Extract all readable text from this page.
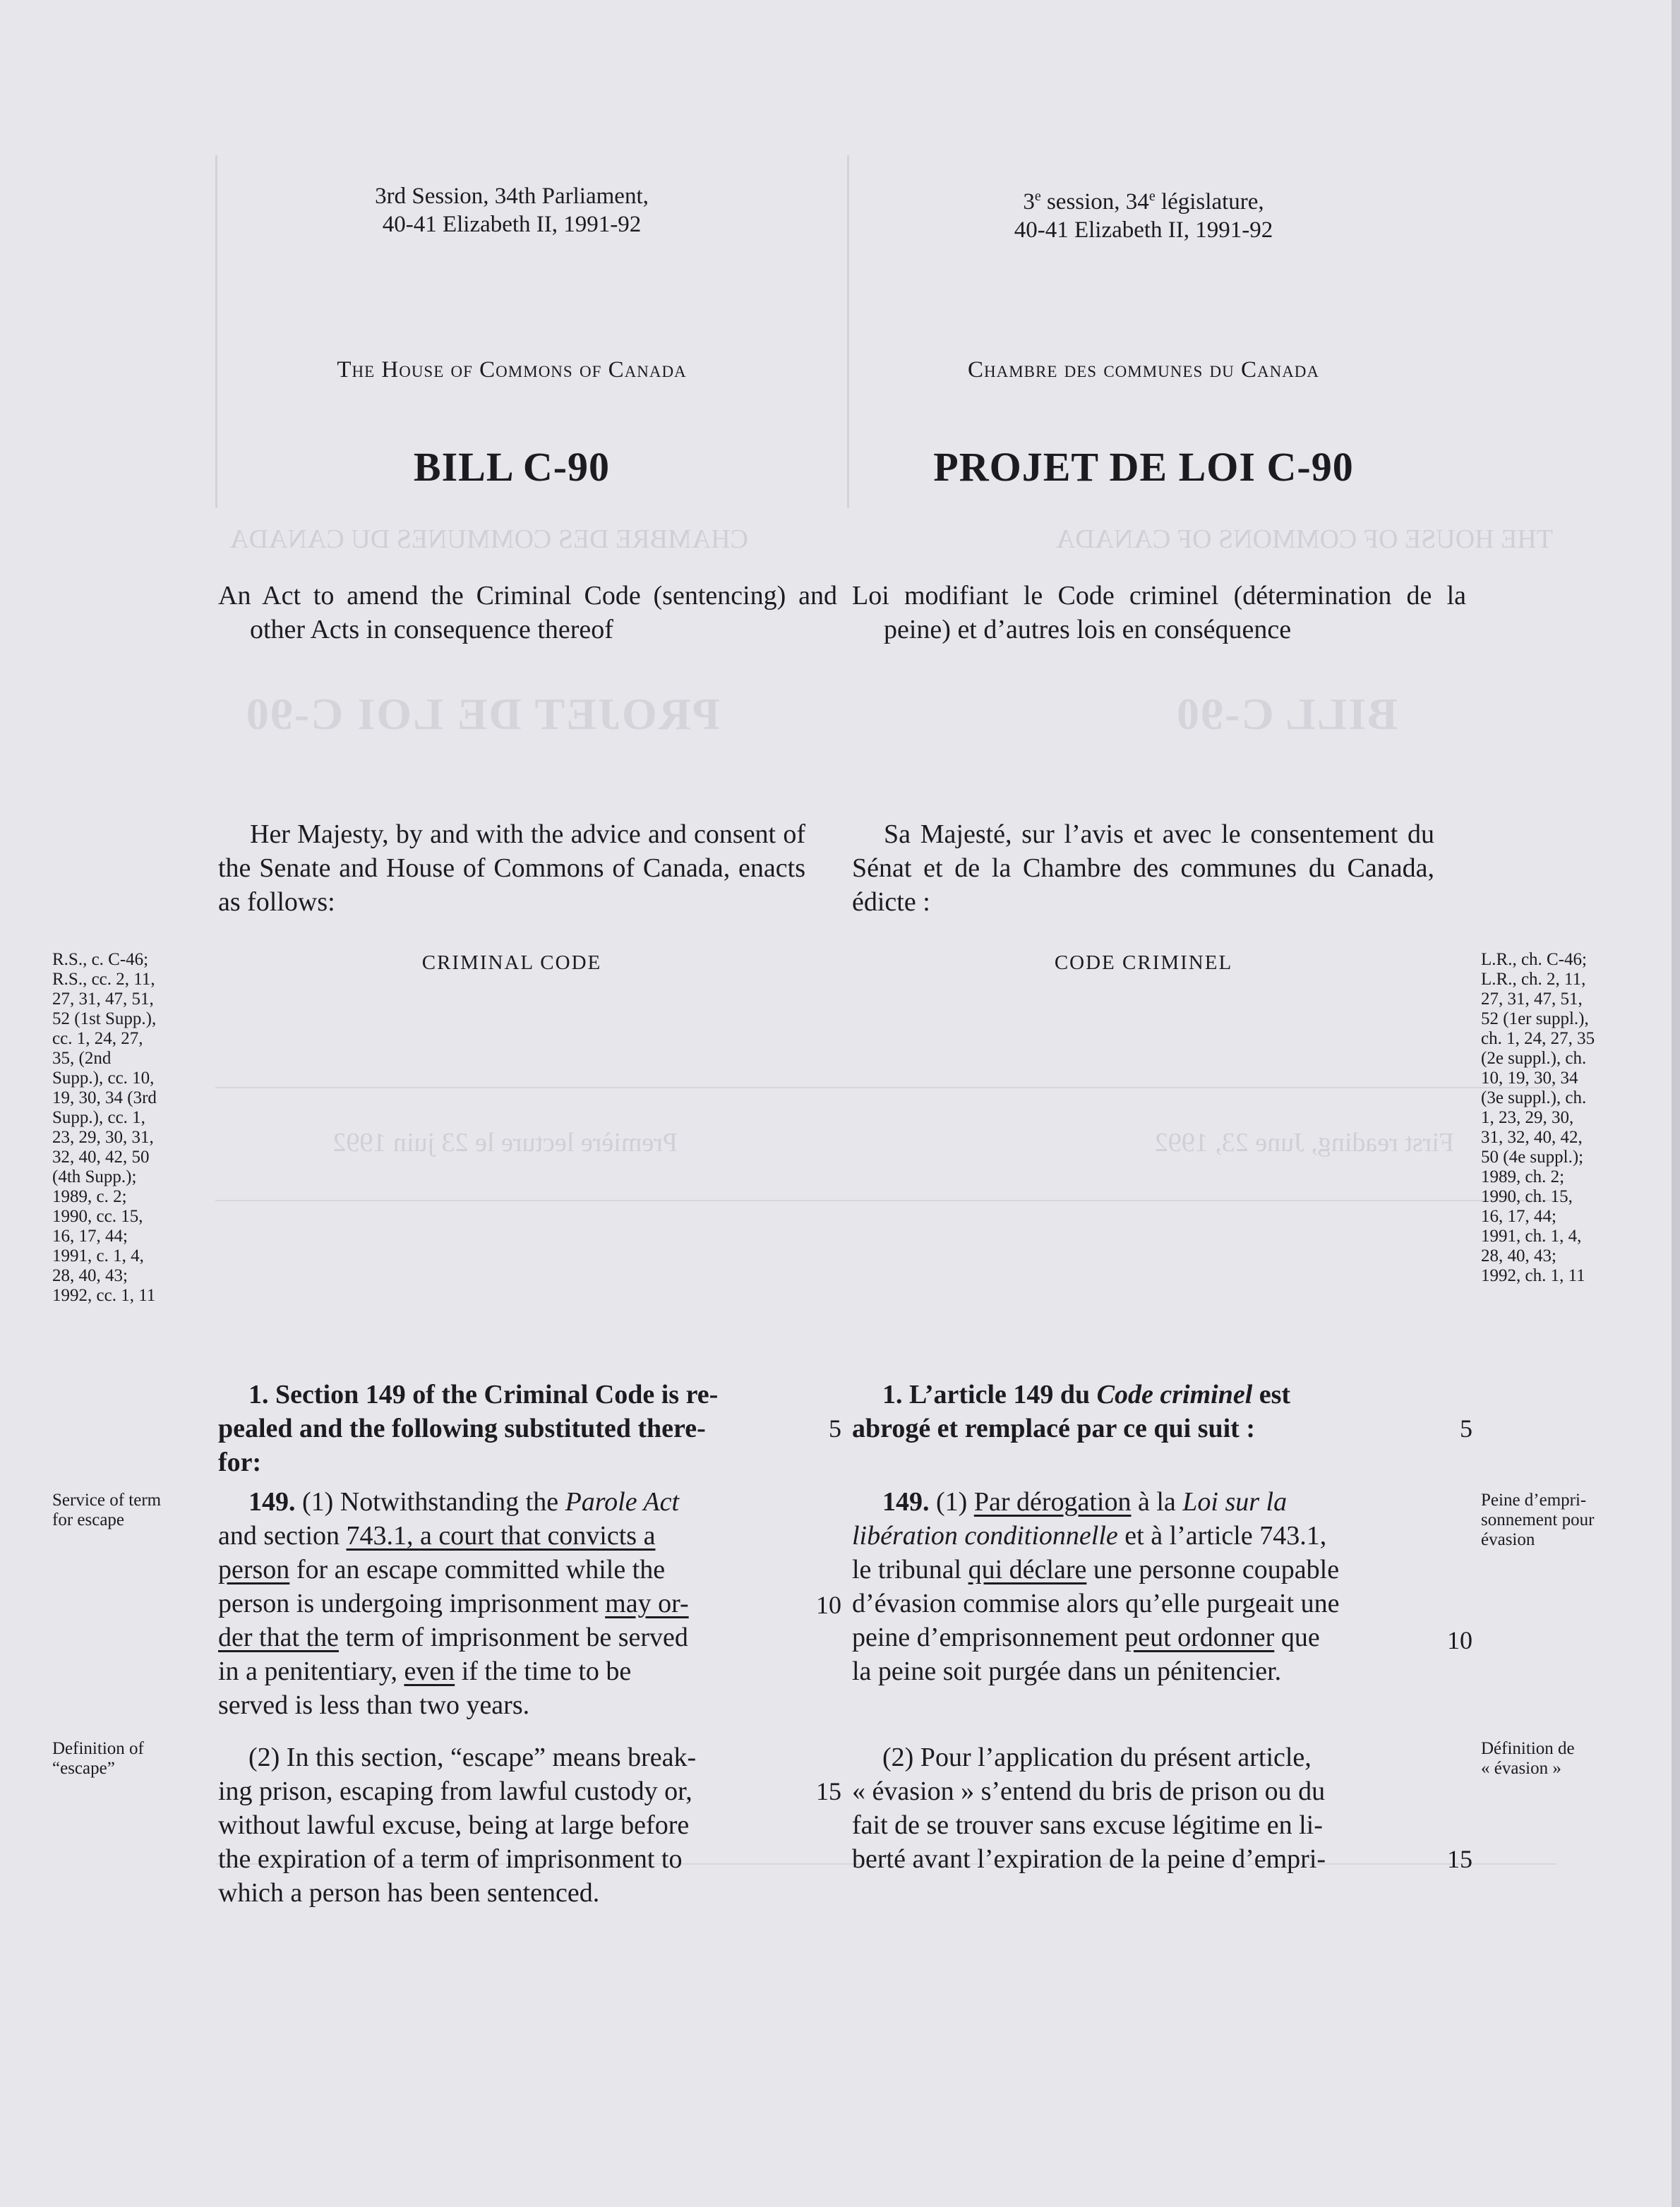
CHAMBRE DES COMMUNES DU CANADA	THE HOUSE OF COMMONS OF CANADA
PROJET DE LOI C-90	BILL C-90
Première lecture le 23 juin 1992	First reading, June 23, 1992
3rd Session, 34th Parliament,
40-41 Elizabeth II, 1991-92
The House of Commons of Canada
BILL C-90
An Act to amend the Criminal Code (sentencing) and other Acts in consequence thereof
Her Majesty, by and with the advice and consent of the Senate and House of Commons of Canada, enacts as follows:
CRIMINAL CODE
R.S., c. C-46;
R.S., cc. 2, 11,
27, 31, 47, 51,
52 (1st Supp.),
cc. 1, 24, 27,
35, (2nd
Supp.), cc. 10,
19, 30, 34 (3rd
Supp.), cc. 1,
23, 29, 30, 31,
32, 40, 42, 50
(4th Supp.);
1989, c. 2;
1990, cc. 15,
16, 17, 44;
1991, c. 1, 4,
28, 40, 43;
1992, cc. 1, 11
1. Section 149 of the Criminal Code is re-
pealed and the following substituted there-
for:
Service of term
for escape
149. (1) Notwithstanding the Parole Act
and section 743.1, a court that convicts a
person for an escape committed while the
person is undergoing imprisonment may or-
der that the term of imprisonment be served
in a penitentiary, even if the time to be
served is less than two years.
Definition of
“escape”	(2) In this section, “escape” means break-
ing prison, escaping from lawful custody or,
without lawful excuse, being at large before
the expiration of a term of imprisonment to
which a person has been sentenced.
5
10
15
3e session, 34e législature,
40-41 Elizabeth II, 1991-92
Chambre des communes du Canada
PROJET DE LOI C-90
Loi modifiant le Code criminel (détermination de la peine) et d’autres lois en conséquence
Sa Majesté, sur l’avis et avec le consentement du Sénat et de la Chambre des communes du Canada, édicte :
CODE CRIMINEL	L.R., ch. C-46;
L.R., ch. 2, 11,
27, 31, 47, 51,
52 (1er suppl.),
ch. 1, 24, 27, 35
(2e suppl.), ch.
10, 19, 30, 34
(3e suppl.), ch.
1, 23, 29, 30,
31, 32, 40, 42,
50 (4e suppl.);
1989, ch. 2;
1990, ch. 15,
16, 17, 44;
1991, ch. 1, 4,
28, 40, 43;
1992, ch. 1, 11
1. L’article 149 du Code criminel est
abrogé et remplacé par ce qui suit :
Peine d’empri-
sonnement pour
évasion
149. (1) Par dérogation à la Loi sur la
libération conditionnelle et à l’article 743.1,
le tribunal qui déclare une personne coupable
d’évasion commise alors qu’elle purgeait une
peine d’emprisonnement peut ordonner que
la peine soit purgée dans un pénitencier.
Définition de
« évasion »
(2) Pour l’application du présent article,
« évasion » s’entend du bris de prison ou du
fait de se trouver sans excuse légitime en li-
berté avant l’expiration de la peine d’empri-
5
10
15
